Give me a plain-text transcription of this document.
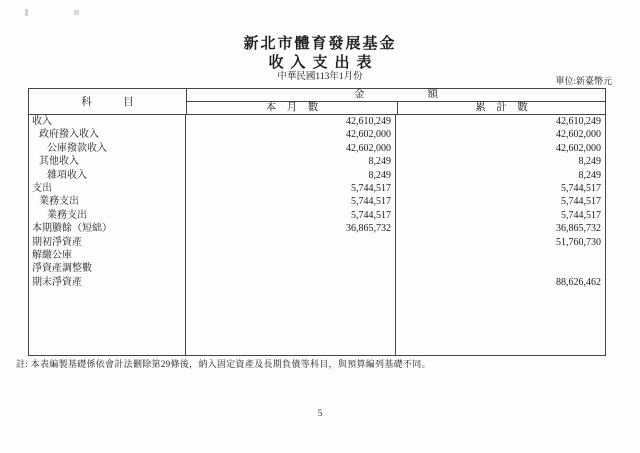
新北市體育發展基金
收入支出表
中華民國113年1月份	單位:新臺幣元
科　　　目
金　　　　　　額
本　月　數	累　計　數
收入
政府撥入收入
公庫撥款收入
其他收入
雜項收入
支出
業務支出
業務支出
本期賸餘（短絀）
期初淨資產
解繳公庫
淨資產調整數
期末淨資產
42,610,249
42,602,000
42,602,000
8,249
8,249
5,744,517
5,744,517
5,744,517
36,865,732
42,610,249
42,602,000
42,602,000
8,249
8,249
5,744,517
5,744,517
5,744,517
36,865,732
51,760,730
88,626,462
註: 本表編製基礎係依會計法刪除第29條後，納入固定資產及長期負債等科目，與預算編列基礎不同。
5
